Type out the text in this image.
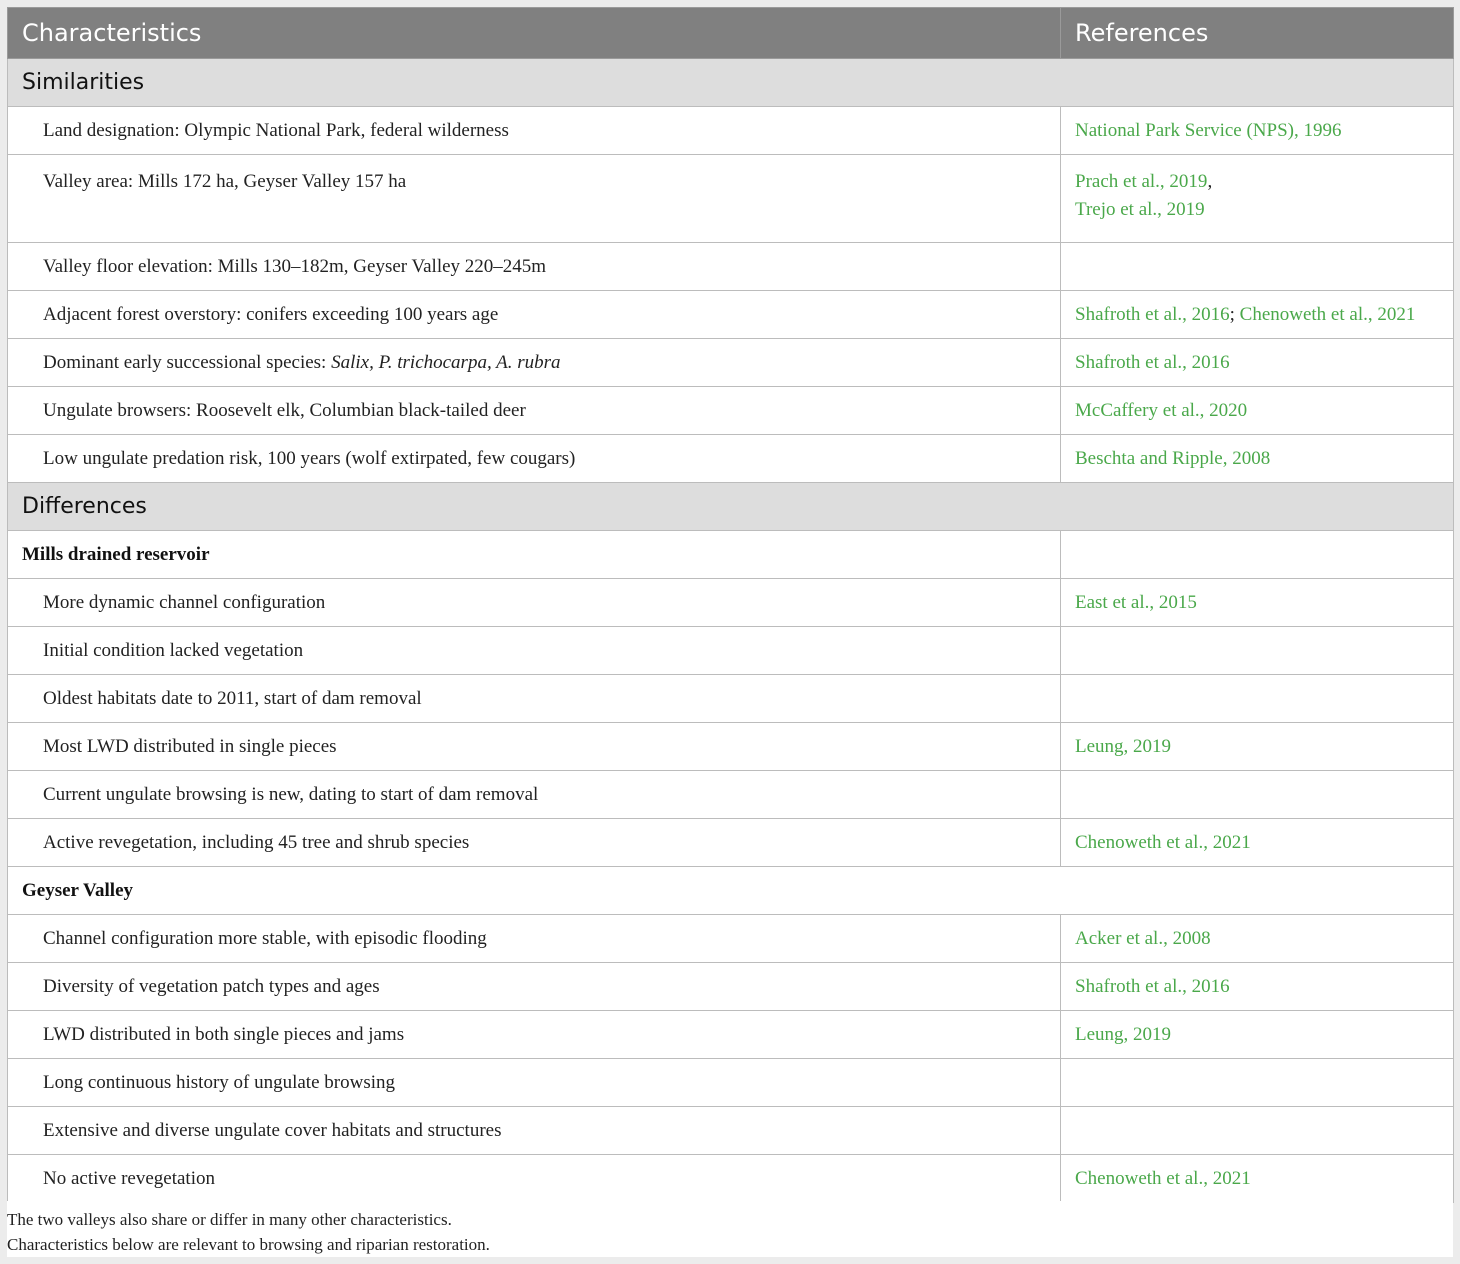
Characteristics	References
Similarities	
Land designation: Olympic National Park, federal wilderness	National Park Service (NPS), 1996
Valley area: Mills 172 ha, Geyser Valley 157 ha	Prach et al., 2019,
Trejo et al., 2019
Valley floor elevation: Mills 130–182m, Geyser Valley 220–245m	
Adjacent forest overstory: conifers exceeding 100 years age	Shafroth et al., 2016; Chenoweth et al., 2021
Dominant early successional species: Salix, P. trichocarpa, A. rubra	Shafroth et al., 2016
Ungulate browsers: Roosevelt elk, Columbian black-tailed deer	McCaffery et al., 2020
Low ungulate predation risk, 100 years (wolf extirpated, few cougars)	Beschta and Ripple, 2008
Differences	
Mills drained reservoir	
More dynamic channel configuration	East et al., 2015
Initial condition lacked vegetation	
Oldest habitats date to 2011, start of dam removal	
Most LWD distributed in single pieces	Leung, 2019
Current ungulate browsing is new, dating to start of dam removal	
Active revegetation, including 45 tree and shrub species	Chenoweth et al., 2021
Geyser Valley	
Channel configuration more stable, with episodic flooding	Acker et al., 2008
Diversity of vegetation patch types and ages	Shafroth et al., 2016
LWD distributed in both single pieces and jams	Leung, 2019
Long continuous history of ungulate browsing	
Extensive and diverse ungulate cover habitats and structures	
No active revegetation	Chenoweth et al., 2021
The two valleys also share or differ in many other characteristics.
Characteristics below are relevant to browsing and riparian restoration.
